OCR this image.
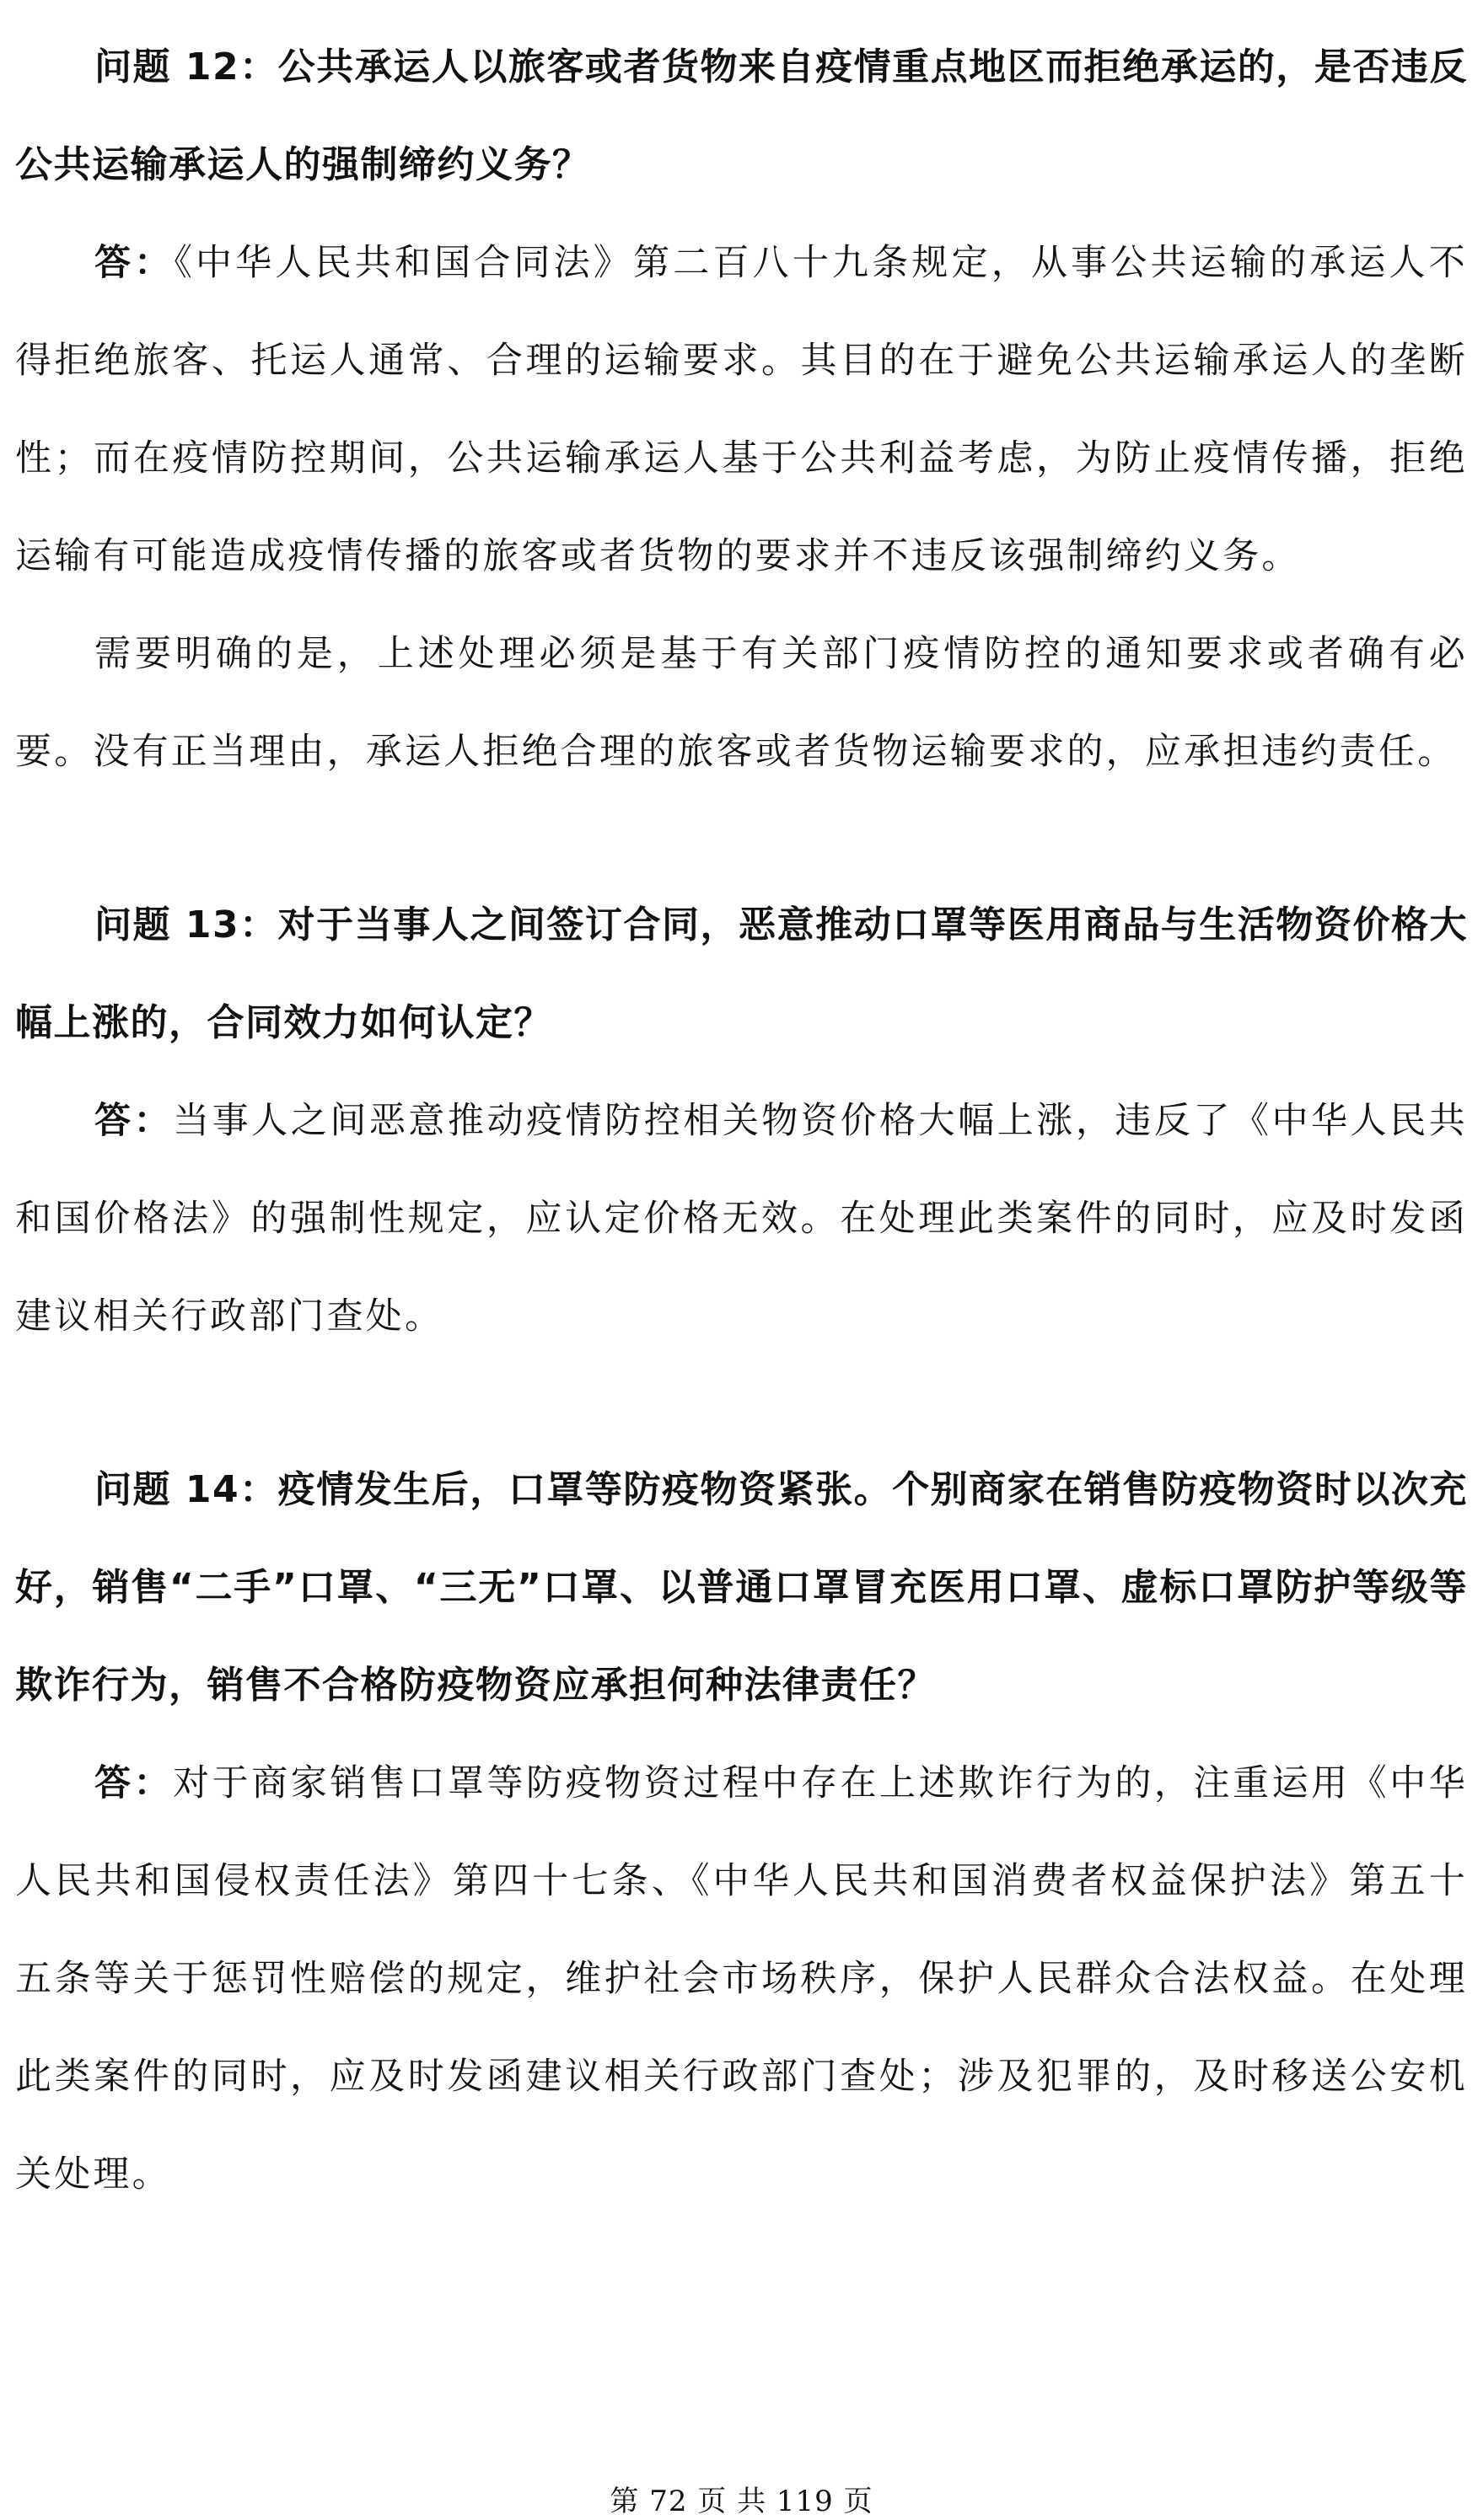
问题 12：公共承运人以旅客或者货物来自疫情重点地区而拒绝承运的，是否违反公共运输承运人的强制缔约义务？

答：《中华人民共和国合同法》第二百八十九条规定，从事公共运输的承运人不得拒绝旅客、托运人通常、合理的运输要求。其目的在于避免公共运输承运人的垄断性；而在疫情防控期间，公共运输承运人基于公共利益考虑，为防止疫情传播，拒绝运输有可能造成疫情传播的旅客或者货物的要求并不违反该强制缔约义务。

需要明确的是，上述处理必须是基于有关部门疫情防控的通知要求或者确有必要。没有正当理由，承运人拒绝合理的旅客或者货物运输要求的，应承担违约责任。

问题 13：对于当事人之间签订合同，恶意推动口罩等医用商品与生活物资价格大幅上涨的，合同效力如何认定？

答：当事人之间恶意推动疫情防控相关物资价格大幅上涨，违反了《中华人民共和国价格法》的强制性规定，应认定价格无效。在处理此类案件的同时，应及时发函建议相关行政部门查处。

问题 14：疫情发生后，口罩等防疫物资紧张。个别商家在销售防疫物资时以次充好，销售“二手”口罩、“三无”口罩、以普通口罩冒充医用口罩、虚标口罩防护等级等欺诈行为，销售不合格防疫物资应承担何种法律责任？

答：对于商家销售口罩等防疫物资过程中存在上述欺诈行为的，注重运用《中华人民共和国侵权责任法》第四十七条、《中华人民共和国消费者权益保护法》第五十五条等关于惩罚性赔偿的规定，维护社会市场秩序，保护人民群众合法权益。在处理此类案件的同时，应及时发函建议相关行政部门查处；涉及犯罪的，及时移送公安机关处理。

第 72 页 共 119 页
